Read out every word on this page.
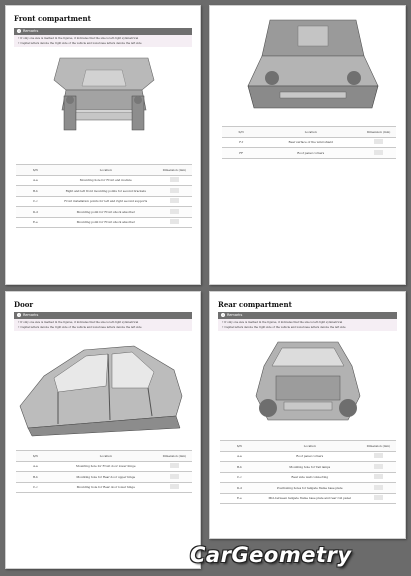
Front compartment
i Remarks

• If only one size is marked in the figures, it indicates that the size is left-right symmetrical

• Capital letters denote the right side of the vehicle and lowercase letters denote the left side

S/N	Location	Dimension (mm)
A-a	Mounting hole for Front end module	
B-b	Right and left front mounting points for second brackets	
C-c	Front installation points for left and right second supports	
D-d	Mounting point for Front shock absorber	
E-e	Mounting point for Front shock absorber	
S/N	Location	Dimension (mm)
F-f	Rear surface of the wind shield	
FF	Roof panel corners	
Door
i Remarks

• If only one size is marked in the figures, it indicates that the size is left-right symmetrical

• Capital letters denote the right side of the vehicle and lowercase letters denote the left side

S/N	Location	Dimension (mm)
A-a	Mounting hole for Front door lower hinge	
B-b	Mounting hole for Rear door upper hinge	
C-c	Mounting hole for Rear door lower hinge	
Rear compartment
i Remarks

• If only one size is marked in the figures, it indicates that the size is left-right symmetrical

• Capital letters denote the right side of the vehicle and lowercase letters denote the left side

S/N	Location	Dimension (mm)
A-a	Roof panel corners	
B-b	Mounting hole for Tail lamps	
C-c	Rear side wall connecting	
D-d	Positioning holes for tailgate frame base plate	
E-e	Mid-between tailgate frame base plate and rear roll panel	
CarGeometry
